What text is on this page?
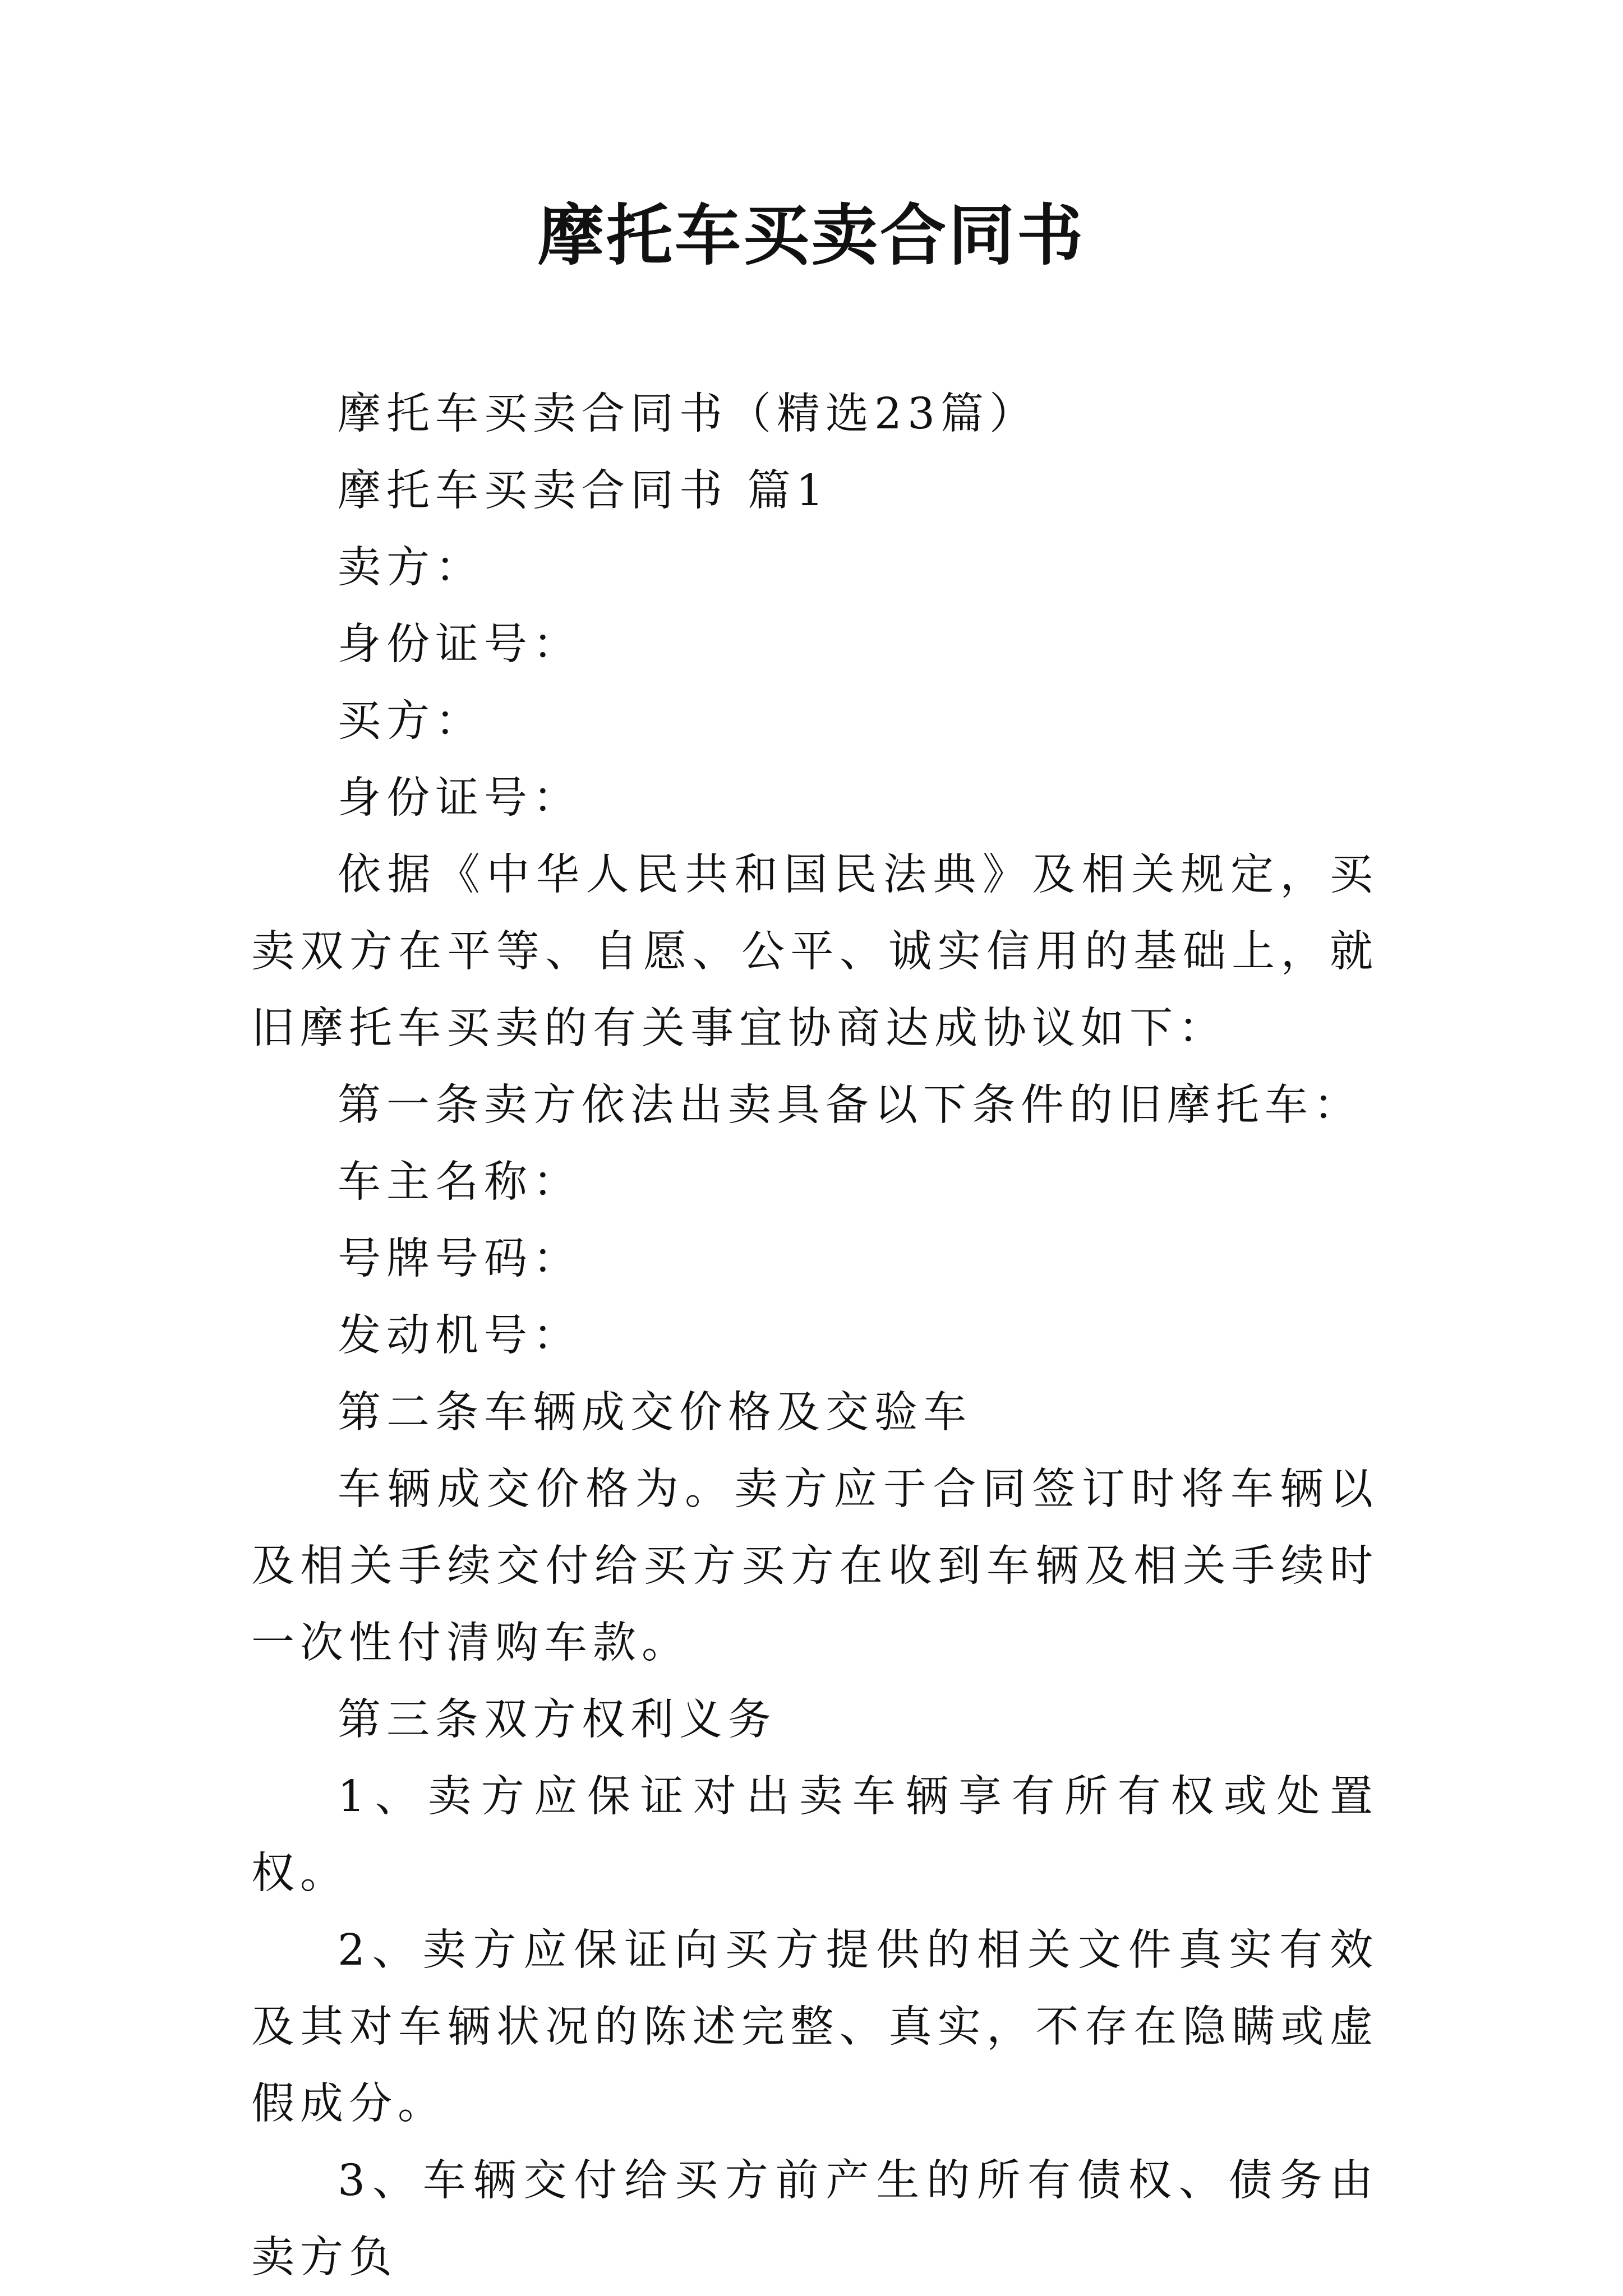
摩托车买卖合同书

摩托车买卖合同书（精选23篇）

摩托车买卖合同书 篇1

卖方：

身份证号：

买方：

身份证号：

依据《中华人民共和国民法典》及相关规定，买卖双方在平等、自愿、公平、诚实信用的基础上，就旧摩托车买卖的有关事宜协商达成协议如下：

第一条卖方依法出卖具备以下条件的旧摩托车：

车主名称：

号牌号码：

发动机号：

第二条车辆成交价格及交验车

车辆成交价格为。卖方应于合同签订时将车辆以及相关手续交付给买方买方在收到车辆及相关手续时一次性付清购车款。

第三条双方权利义务

1、卖方应保证对出卖车辆享有所有权或处置权。

2、卖方应保证向买方提供的相关文件真实有效及其对车辆状况的陈述完整、真实，不存在隐瞒或虚假成分。

3、车辆交付给买方前产生的所有债权、债务由卖方负
